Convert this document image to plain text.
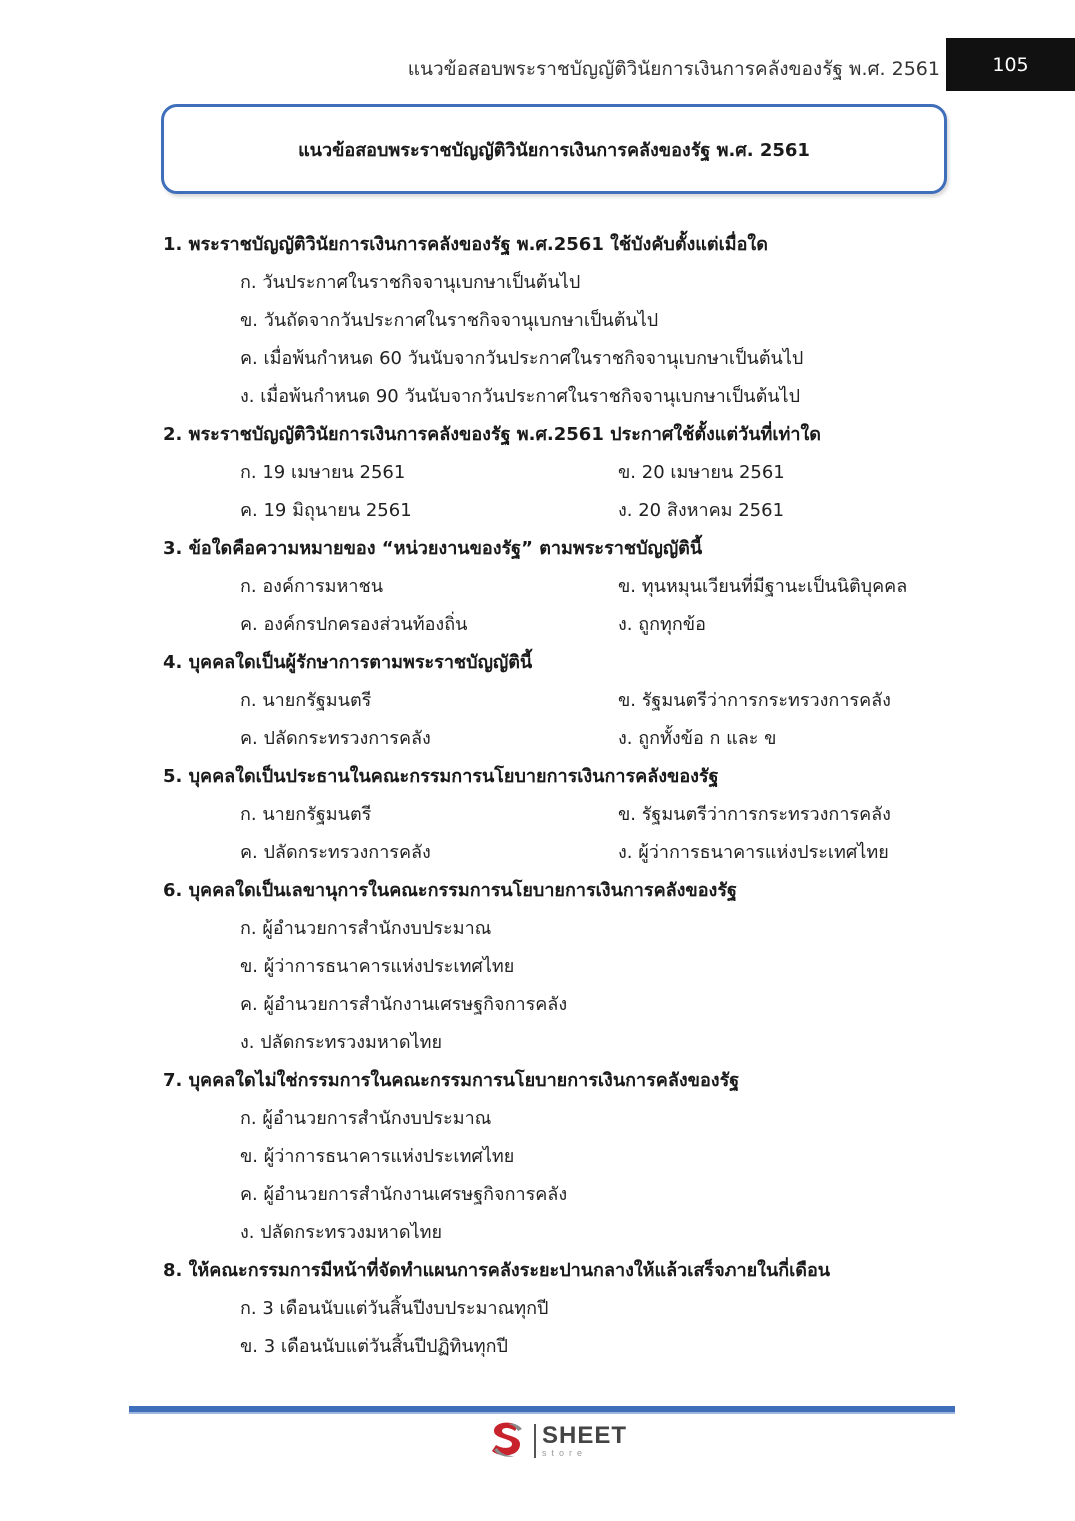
แนวข้อสอบพระราชบัญญัติวินัยการเงินการคลังของรัฐ พ.ศ. 2561	105
แนวข้อสอบพระราชบัญญัติวินัยการเงินการคลังของรัฐ พ.ศ. 2561
1. พระราชบัญญัติวินัยการเงินการคลังของรัฐ พ.ศ.2561 ใช้บังคับตั้งแต่เมื่อใด
ก. วันประกาศในราชกิจจานุเบกษาเป็นต้นไป
ข. วันถัดจากวันประกาศในราชกิจจานุเบกษาเป็นต้นไป
ค. เมื่อพ้นกำหนด 60 วันนับจากวันประกาศในราชกิจจานุเบกษาเป็นต้นไป
ง. เมื่อพ้นกำหนด 90 วันนับจากวันประกาศในราชกิจจานุเบกษาเป็นต้นไป
2. พระราชบัญญัติวินัยการเงินการคลังของรัฐ พ.ศ.2561 ประกาศใช้ตั้งแต่วันที่เท่าใด
ก. 19 เมษายน 2561	ข. 20 เมษายน 2561
ค. 19 มิถุนายน 2561	ง. 20 สิงหาคม 2561
3. ข้อใดคือความหมายของ “หน่วยงานของรัฐ” ตามพระราชบัญญัตินี้
ก. องค์การมหาชน	ข. ทุนหมุนเวียนที่มีฐานะเป็นนิติบุคคล
ค. องค์กรปกครองส่วนท้องถิ่น	ง. ถูกทุกข้อ
4. บุคคลใดเป็นผู้รักษาการตามพระราชบัญญัตินี้
ก. นายกรัฐมนตรี	ข. รัฐมนตรีว่าการกระทรวงการคลัง
ค. ปลัดกระทรวงการคลัง	ง. ถูกทั้งข้อ ก และ ข
5. บุคคลใดเป็นประธานในคณะกรรมการนโยบายการเงินการคลังของรัฐ
ก. นายกรัฐมนตรี	ข. รัฐมนตรีว่าการกระทรวงการคลัง
ค. ปลัดกระทรวงการคลัง	ง. ผู้ว่าการธนาคารแห่งประเทศไทย
6. บุคคลใดเป็นเลขานุการในคณะกรรมการนโยบายการเงินการคลังของรัฐ
ก. ผู้อำนวยการสำนักงบประมาณ
ข. ผู้ว่าการธนาคารแห่งประเทศไทย
ค. ผู้อำนวยการสำนักงานเศรษฐกิจการคลัง
ง. ปลัดกระทรวงมหาดไทย
7. บุคคลใดไม่ใช่กรรมการในคณะกรรมการนโยบายการเงินการคลังของรัฐ
ก. ผู้อำนวยการสำนักงบประมาณ
ข. ผู้ว่าการธนาคารแห่งประเทศไทย
ค. ผู้อำนวยการสำนักงานเศรษฐกิจการคลัง
ง. ปลัดกระทรวงมหาดไทย
8. ให้คณะกรรมการมีหน้าที่จัดทำแผนการคลังระยะปานกลางให้แล้วเสร็จภายในกี่เดือน
ก. 3 เดือนนับแต่วันสิ้นปีงบประมาณทุกปี
ข. 3 เดือนนับแต่วันสิ้นปีปฏิทินทุกปี
SHEET
store
